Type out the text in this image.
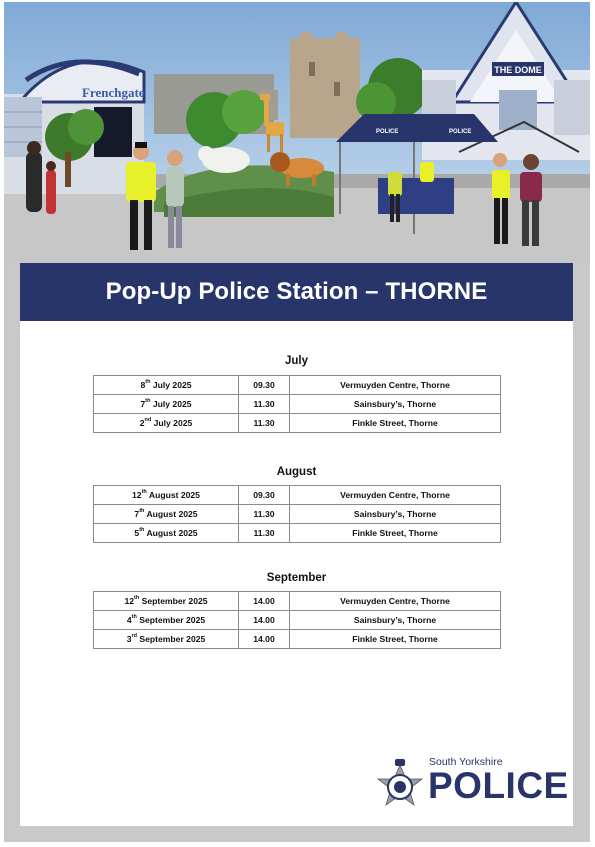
Frenchgate
THE DOME
POLICE	POLICE
Pop-Up Police Station – THORNE
July
8th July 2025	09.30	Vermuyden Centre, Thorne
7th July 2025	11.30	Sainsbury’s, Thorne
2nd July 2025	11.30	Finkle Street, Thorne
August
12th August 2025	09.30	Vermuyden Centre, Thorne
7th August 2025	11.30	Sainsbury’s, Thorne
5th August 2025	11.30	Finkle Street, Thorne
September
12th September 2025	14.00	Vermuyden Centre, Thorne
4th September 2025	14.00	Sainsbury’s, Thorne
3rd September 2025	14.00	Finkle Street, Thorne
South Yorkshire
POLICE
